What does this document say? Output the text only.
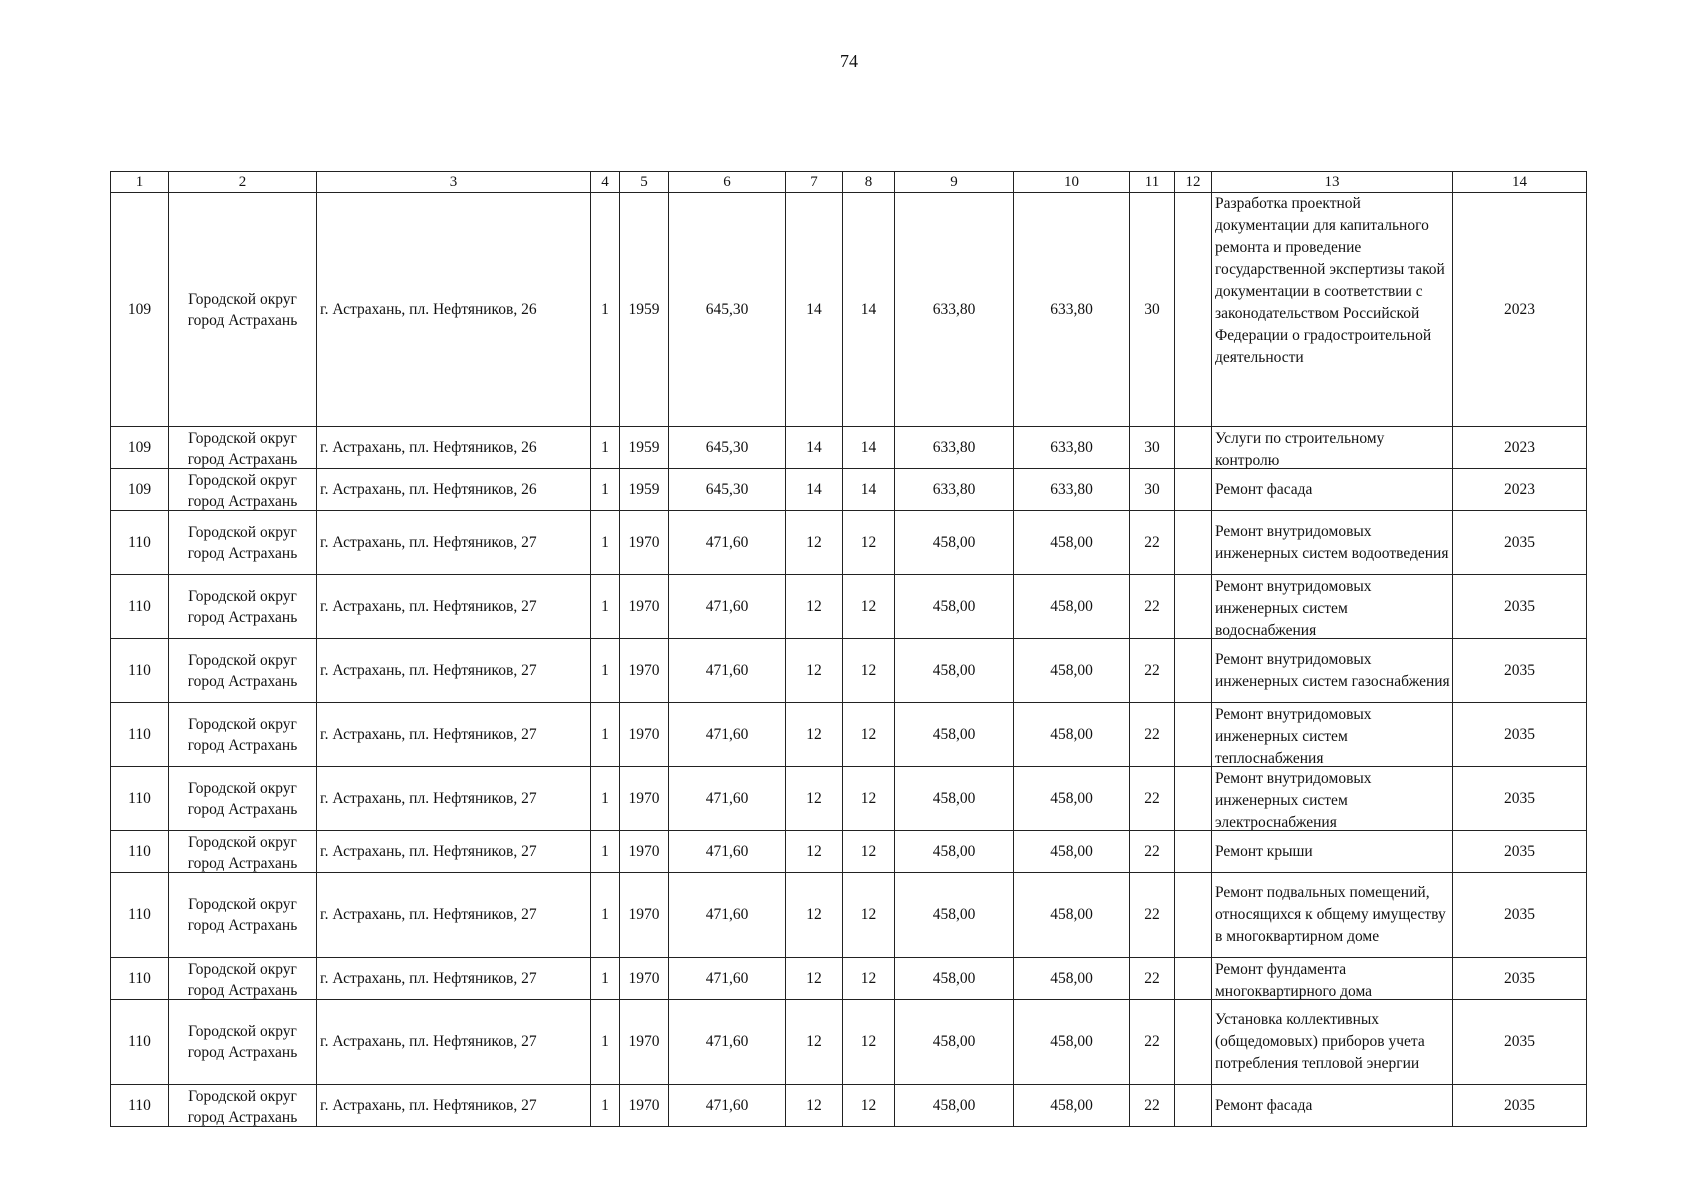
74
1	2	3	4	5	6	7	8	9	10	11	12	13	14

109	Городской округ город Астрахань	г. Астрахань, пл. Нефтяников, 26	1	1959	645,30	14	14	633,80	633,80	30		Разработка проектной документации для капитального ремонта и проведение государственной экспертизы такой документации в соответствии с законодательством Российской Федерации о градостроительной деятельности	2023

109	Городской округ город Астрахань	г. Астрахань, пл. Нефтяников, 26	1	1959	645,30	14	14	633,80	633,80	30		Услуги по строительному контролю	2023

109	Городской округ город Астрахань	г. Астрахань, пл. Нефтяников, 26	1	1959	645,30	14	14	633,80	633,80	30		Ремонт фасада	2023

110	Городской округ город Астрахань	г. Астрахань, пл. Нефтяников, 27	1	1970	471,60	12	12	458,00	458,00	22		Ремонт внутридомовых инженерных систем водоотведения	2035

110	Городской округ город Астрахань	г. Астрахань, пл. Нефтяников, 27	1	1970	471,60	12	12	458,00	458,00	22		Ремонт внутридомовых инженерных систем водоснабжения	2035

110	Городской округ город Астрахань	г. Астрахань, пл. Нефтяников, 27	1	1970	471,60	12	12	458,00	458,00	22		Ремонт внутридомовых инженерных систем газоснабжения	2035

110	Городской округ город Астрахань	г. Астрахань, пл. Нефтяников, 27	1	1970	471,60	12	12	458,00	458,00	22		Ремонт внутридомовых инженерных систем теплоснабжения	2035

110	Городской округ город Астрахань	г. Астрахань, пл. Нефтяников, 27	1	1970	471,60	12	12	458,00	458,00	22		Ремонт внутридомовых инженерных систем электроснабжения	2035

110	Городской округ город Астрахань	г. Астрахань, пл. Нефтяников, 27	1	1970	471,60	12	12	458,00	458,00	22		Ремонт крыши	2035

110	Городской округ город Астрахань	г. Астрахань, пл. Нефтяников, 27	1	1970	471,60	12	12	458,00	458,00	22		Ремонт подвальных помещений, относящихся к общему имуществу в многоквартирном доме	2035

110	Городской округ город Астрахань	г. Астрахань, пл. Нефтяников, 27	1	1970	471,60	12	12	458,00	458,00	22		Ремонт фундамента многоквартирного дома	2035

110	Городской округ город Астрахань	г. Астрахань, пл. Нефтяников, 27	1	1970	471,60	12	12	458,00	458,00	22		Установка коллективных (общедомовых) приборов учета потребления тепловой энергии	2035

110	Городской округ город Астрахань	г. Астрахань, пл. Нефтяников, 27	1	1970	471,60	12	12	458,00	458,00	22		Ремонт фасада	2035
